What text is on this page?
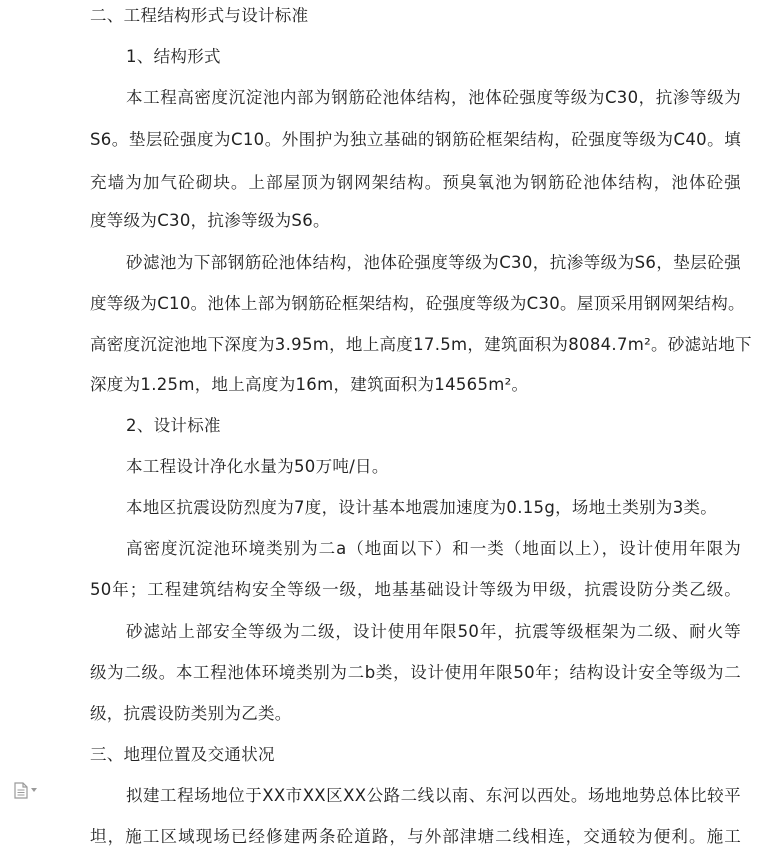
二、工程结构形式与设计标准
1、结构形式
本工程高密度沉淀池内部为钢筋砼池体结构，池体砼强度等级为C30，抗渗等级为
S6。垫层砼强度为C10。外围护为独立基础的钢筋砼框架结构，砼强度等级为C40。填
充墙为加气砼砌块。上部屋顶为钢网架结构。预臭氧池为钢筋砼池体结构，池体砼强
度等级为C30，抗渗等级为S6。
砂滤池为下部钢筋砼池体结构，池体砼强度等级为C30，抗渗等级为S6，垫层砼强
度等级为C10。池体上部为钢筋砼框架结构，砼强度等级为C30。屋顶采用钢网架结构。
高密度沉淀池地下深度为3.95m，地上高度17.5m，建筑面积为8084.7m²。砂滤站地下
深度为1.25m，地上高度为16m，建筑面积为14565m²。
2、设计标准
本工程设计净化水量为50万吨/日。
本地区抗震设防烈度为7度，设计基本地震加速度为0.15g，场地土类别为3类。
高密度沉淀池环境类别为二a（地面以下）和一类（地面以上），设计使用年限为
50年；工程建筑结构安全等级一级，地基基础设计等级为甲级，抗震设防分类乙级。
砂滤站上部安全等级为二级，设计使用年限50年，抗震等级框架为二级、耐火等
级为二级。本工程池体环境类别为二b类，设计使用年限50年；结构设计安全等级为二
级，抗震设防类别为乙类。
三、地理位置及交通状况
拟建工程场地位于XX市XX区XX公路二线以南、东河以西处。场地地势总体比较平
坦，施工区域现场已经修建两条砼道路，与外部津塘二线相连，交通较为便利。施工
